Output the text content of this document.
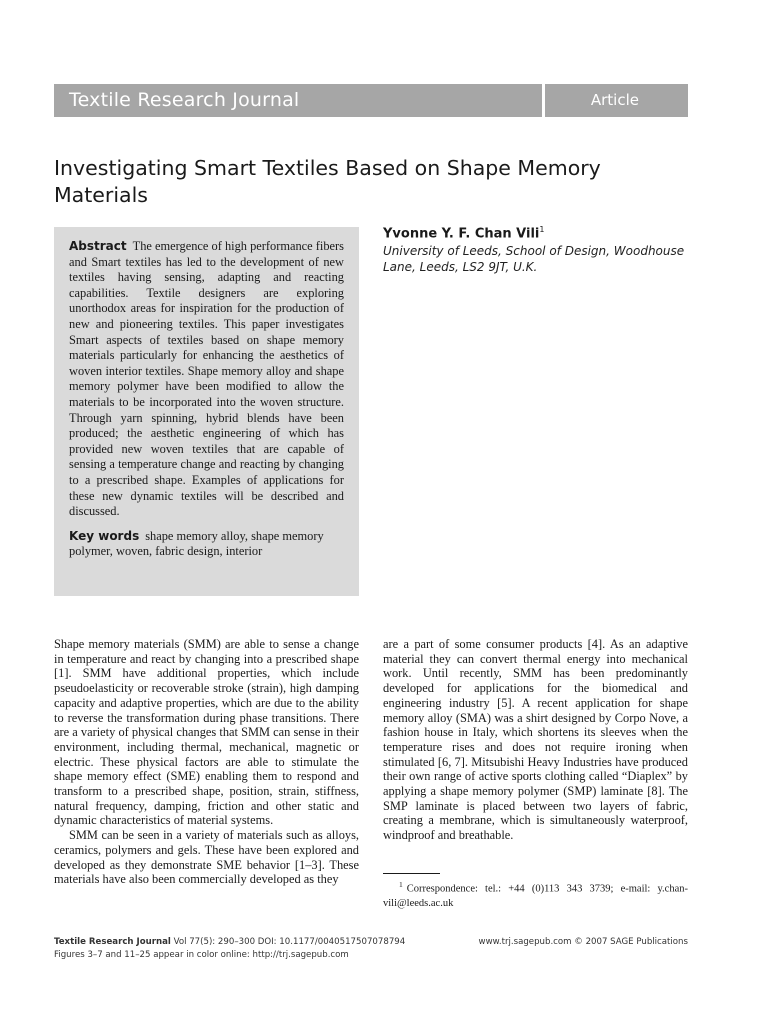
Textile Research Journal	Article
Investigating Smart Textiles Based on Shape Memory Materials

Abstract The emergence of high performance fibers and Smart textiles has led to the development of new textiles having sensing, adapting and reacting capabilities. Textile designers are exploring unorthodox areas for inspiration for the production of new and pioneering textiles. This paper investigates Smart aspects of textiles based on shape memory materials particularly for enhancing the aesthetics of woven interior textiles. Shape memory alloy and shape memory polymer have been modified to allow the materials to be incorporated into the woven structure. Through yarn spinning, hybrid blends have been produced; the aesthetic engineering of which has provided new woven textiles that are capable of sensing a temperature change and reacting by changing to a prescribed shape. Examples of applications for these new dynamic textiles will be described and discussed.

Key words shape memory alloy, shape memory polymer, woven, fabric design, interior

Yvonne Y. F. Chan Vili$^1$

University of Leeds, School of Design, Woodhouse Lane, Leeds, LS2 9JT, U.K.

Shape memory materials (SMM) are able to sense a change in temperature and react by changing into a prescribed shape [1]. SMM have additional properties, which include pseudoelasticity or recoverable stroke (strain), high damping capacity and adaptive properties, which are due to the ability to reverse the transformation during phase transitions. There are a variety of physical changes that SMM can sense in their environment, including thermal, mechanical, magnetic or electric. These physical factors are able to stimulate the shape memory effect (SME) enabling them to respond and transform to a prescribed shape, position, strain, stiffness, natural frequency, damping, friction and other static and dynamic characteristics of material systems.

SMM can be seen in a variety of materials such as alloys, ceramics, polymers and gels. These have been explored and developed as they demonstrate SME behavior [1–3]. These materials have also been commercially developed as they

are a part of some consumer products [4]. As an adaptive material they can convert thermal energy into mechanical work. Until recently, SMM has been predominantly developed for applications for the biomedical and engineering industry [5]. A recent application for shape memory alloy (SMA) was a shirt designed by Corpo Nove, a fashion house in Italy, which shortens its sleeves when the temperature rises and does not require ironing when stimulated [6, 7]. Mitsubishi Heavy Industries have produced their own range of active sports clothing called “Diaplex” by applying a shape memory polymer (SMP) laminate [8]. The SMP laminate is placed between two layers of fabric, creating a membrane, which is simultaneously waterproof, windproof and breathable.

$^1$ Correspondence: tel.: +44 (0)113 343 3739; e-mail: y.chan-vili@leeds.ac.uk

Textile Research Journal Vol 77(5): 290–300 DOI: 10.1177/0040517507078794
Figures 3–7 and 11–25 appear in color online: http://trj.sagepub.com
www.trj.sagepub.com © 2007 SAGE Publications
